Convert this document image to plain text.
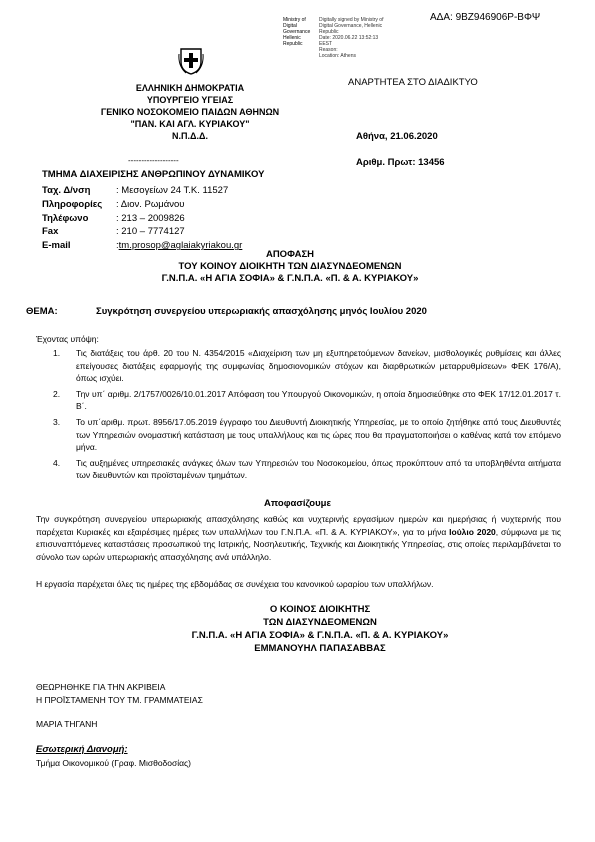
ΑΔΑ: 9ΒΖ946906Ρ-ΒΦΨ
Ministry of Digital
Governance
Hellenic Republic
Digitally signed by Ministry of
Digital Governance, Hellenic
Republic
Date: 2020.06.22 13:52:13 EEST
Reason:
Location: Athens
ΕΛΛΗΝΙΚΗ ΔΗΜΟΚΡΑΤΙΑ
ΥΠΟΥΡΓΕΙΟ ΥΓΕΙΑΣ
ΓΕΝΙΚΟ ΝΟΣΟΚΟΜΕΙΟ ΠΑΙΔΩΝ ΑΘΗΝΩΝ
"ΠΑΝ. ΚΑΙ ΑΓΛ. ΚΥΡΙΑΚΟΥ"
Ν.Π.Δ.Δ.
-------------------
ΑΝΑΡΤΗΤΕΑ ΣΤΟ ΔΙΑΔΙΚΤΥΟ
Αθήνα, 21.06.2020
Αριθμ. Πρωτ: 13456
ΤΜΗΜΑ ΔΙΑΧΕΙΡΙΣΗΣ ΑΝΘΡΩΠΙΝΟΥ ΔΥΝΑΜΙΚΟΥ
Ταχ. Δ/νση	: Μεσογείων 24 Τ.Κ. 11527
Πληροφορίες	: Διον. Ρωμάνου
Τηλέφωνο	: 213 – 2009826
Fax	: 210 – 7774127
E-mail	: tm.prosop@aglaiakyriakou.gr
ΑΠΟΦΑΣΗ
ΤΟΥ ΚΟΙΝΟΥ ΔΙΟΙΚΗΤΗ ΤΩΝ ΔΙΑΣΥΝΔΕΟΜΕΝΩΝ
Γ.Ν.Π.Α. «Η ΑΓΙΑ ΣΟΦΙΑ» & Γ.Ν.Π.Α. «Π. & Α. ΚΥΡΙΑΚΟΥ»
ΘΕΜΑ:	Συγκρότηση συνεργείου υπερωριακής απασχόλησης μηνός Ιουλίου 2020
Έχοντας υπόψη:
1. Τις διατάξεις του άρθ. 20 του Ν. 4354/2015 «Διαχείριση των μη εξυπηρετούμενων δανείων, μισθολογικές ρυθμίσεις και άλλες επείγουσες διατάξεις εφαρμογής της συμφωνίας δημοσιονομικών στόχων και διαρθρωτικών μεταρρυθμίσεων» ΦΕΚ 176/Α), όπως ισχύει.
2. Την υπ΄ αριθμ. 2/1757/0026/10.01.2017 Απόφαση του Υπουργού Οικονομικών, η οποία δημοσιεύθηκε στο ΦΕΚ 17/12.01.2017 τ. Β΄.
3. Το υπ΄αριθμ. πρωτ. 8956/17.05.2019 έγγραφο του Διευθυντή Διοικητικής Υπηρεσίας, με το οποίο ζητήθηκε από τους Διευθυντές των Υπηρεσιών ονομαστική κατάσταση με τους υπαλλήλους και τις ώρες που θα πραγματοποιήσει ο καθένας κατά τον επόμενο μήνα.
4. Τις αυξημένες υπηρεσιακές ανάγκες όλων των Υπηρεσιών του Νοσοκομείου, όπως προκύπτουν από τα υποβληθέντα αιτήματα των διευθυντών και προϊσταμένων τμημάτων.
Αποφασίζουμε
Την συγκρότηση συνεργείου υπερωριακής απασχόλησης καθώς και νυχτερινής εργασίμων ημερών και ημερήσιας ή νυχτερινής που παρέχεται Κυριακές και εξαιρέσιμες ημέρες των υπαλλήλων του Γ.Ν.Π.Α. «Π. & Α. ΚΥΡΙΑΚΟΥ», για το μήνα Ιούλιο 2020, σύμφωνα με τις επισυναπτόμενες καταστάσεις προσωπικού της Ιατρικής, Νοσηλευτικής, Τεχνικής και Διοικητικής Υπηρεσίας, στις οποίες περιλαμβάνεται το σύνολο των ωρών υπερωριακής απασχόλησης ανά υπάλληλο.
Η εργασία παρέχεται όλες τις ημέρες της εβδομάδας σε συνέχεια του κανονικού ωραρίου των υπαλλήλων.
Ο ΚΟΙΝΟΣ ΔΙΟΙΚΗΤΗΣ
ΤΩΝ ΔΙΑΣΥΝΔΕΟΜΕΝΩΝ
Γ.Ν.Π.Α. «Η ΑΓΙΑ ΣΟΦΙΑ» & Γ.Ν.Π.Α. «Π. & Α. ΚΥΡΙΑΚΟΥ»
ΕΜΜΑΝΟΥΗΛ ΠΑΠΑΣΑΒΒΑΣ
ΘΕΩΡΗΘΗΚΕ ΓΙΑ ΤΗΝ ΑΚΡΙΒΕΙΑ
Η ΠΡΟΪΣΤΑΜΕΝΗ ΤΟΥ ΤΜ. ΓΡΑΜΜΑΤΕΙΑΣ
ΜΑΡΙΑ ΤΗΓΑΝΗ
Εσωτερική Διανομή:
Τμήμα Οικονομικού (Γραφ. Μισθοδοσίας)
